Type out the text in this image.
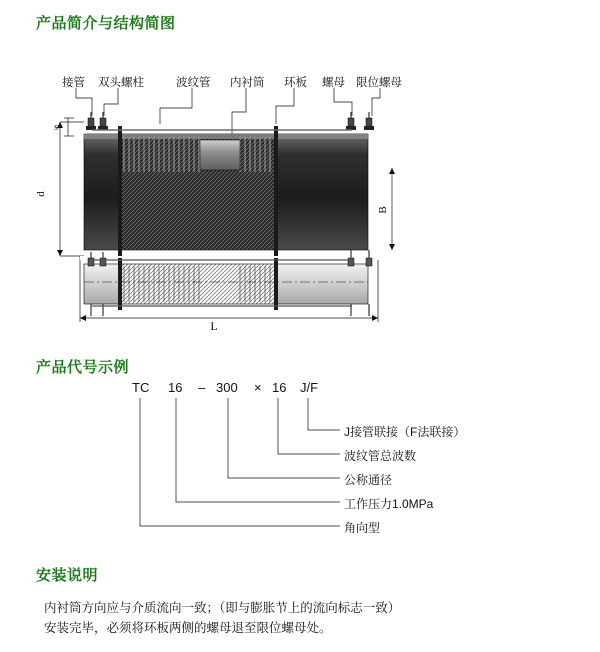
产品简介与结构简图
产品代号示例
安装说明
接管 双头螺柱	波纹管 内衬筒 环板 螺母 限位螺母
d
s
B
L
TC 16 – 300 × 16 J/F
J接管联接（F法联接）
波纹管总波数
公称通径
工作压力1.0MPa
角向型
内衬筒方向应与介质流向一致；（即与膨胀节上的流向标志一致）
安装完毕，必须将环板两侧的螺母退至限位螺母处。
